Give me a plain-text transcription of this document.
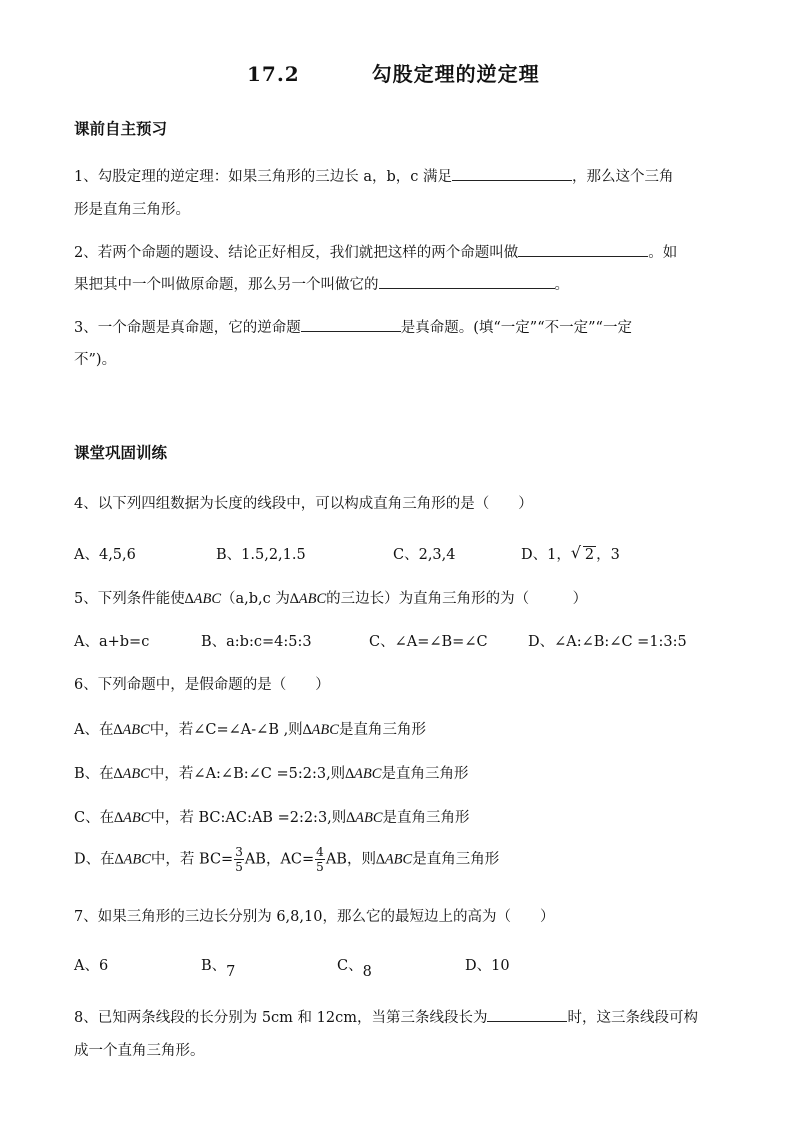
17.2	勾股定理的逆定理
课前自主预习
1、勾股定理的逆定理：如果三角形的三边长 a，b，c 满足	，那么这个三角
形是直角三角形。
2、若两个命题的题设、结论正好相反，我们就把这样的两个命题叫做	。如
果把其中一个叫做原命题，那么另一个叫做它的	。
3、一个命题是真命题，它的逆命题	是真命题。(填“一定”“不一定”“一定
不”)。
课堂巩固训练
4、以下列四组数据为长度的线段中，可以构成直角三角形的是（　　）
A、4,5,6	B、1.5,2,1.5	C、2,3,4	D、1， √ 2 ，3
5、下列条件能使∆ABC（a,b,c 为∆ABC的三边长）为直角三角形的为（　　　）
A、a+b=c	B、a:b:c=4:5:3	C、∠A=∠B=∠C	D、∠A:∠B:∠C =1:3:5
6、下列命题中，是假命题的是（　　）
A、在∆ABC中，若∠C=∠A-∠B ,则∆ABC是直角三角形
B、在∆ABC中，若∠A:∠B:∠C =5:2:3,则∆ABC是直角三角形
C、在∆ABC中，若 BC:AC:AB =2:2:3,则∆ABC是直角三角形
D、在∆ABC中，若 $BC= \frac{3}{5}$ AB，$AC= \frac{4}{5}$ AB，则∆ABC是直角三角形
7、如果三角形的三边长分别为 6,8,10，那么它的最短边上的高为（　　）
A、6	B、7	C、8	D、10
8、已知两条线段的长分别为 5cm 和 12cm，当第三条线段长为	时，这三条线段可构
成一个直角三角形。
